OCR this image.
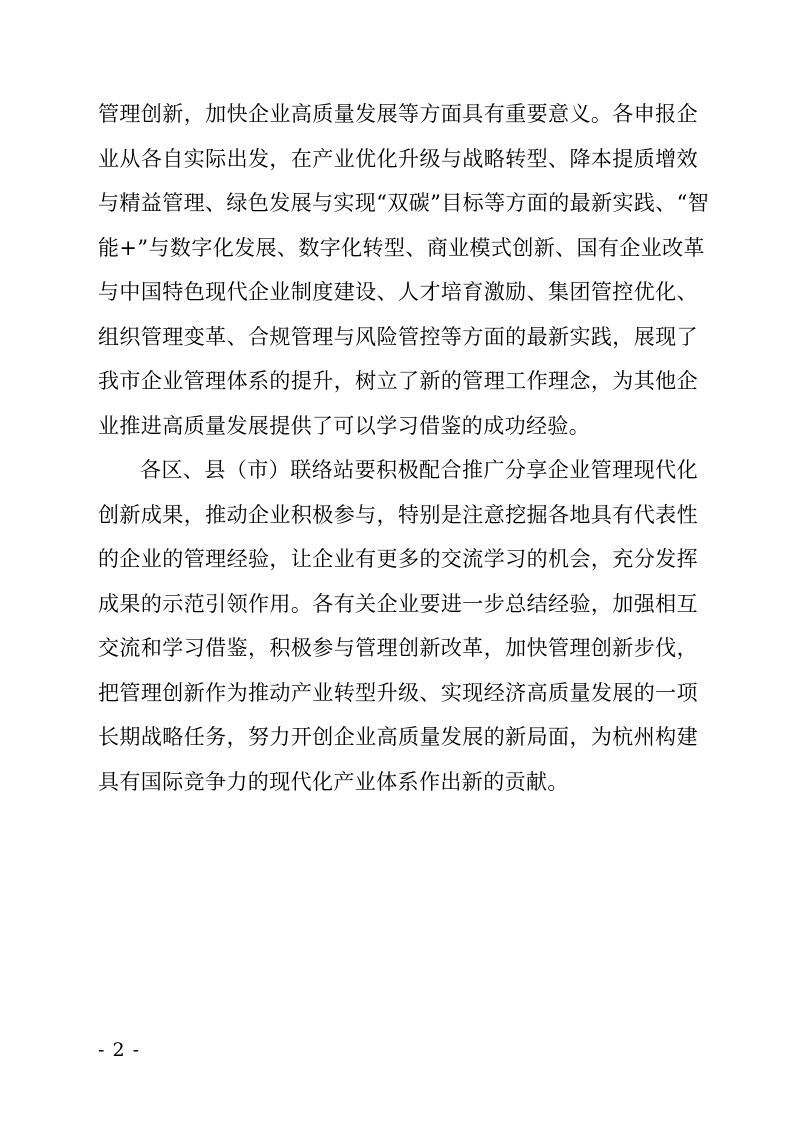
管理创新，加快企业高质量发展等方面具有重要意义。各申报企
业从各自实际出发，在产业优化升级与战略转型、降本提质增效
与精益管理、绿色发展与实现“双碳”目标等方面的最新实践、“智
能+”与数字化发展、数字化转型、商业模式创新、国有企业改革
与中国特色现代企业制度建设、人才培育激励、集团管控优化、
组织管理变革、合规管理与风险管控等方面的最新实践，展现了
我市企业管理体系的提升，树立了新的管理工作理念，为其他企
业推进高质量发展提供了可以学习借鉴的成功经验。
各区、县（市）联络站要积极配合推广分享企业管理现代化
创新成果，推动企业积极参与，特别是注意挖掘各地具有代表性
的企业的管理经验，让企业有更多的交流学习的机会，充分发挥
成果的示范引领作用。各有关企业要进一步总结经验，加强相互
交流和学习借鉴，积极参与管理创新改革，加快管理创新步伐，
把管理创新作为推动产业转型升级、实现经济高质量发展的一项
长期战略任务，努力开创企业高质量发展的新局面，为杭州构建
具有国际竞争力的现代化产业体系作出新的贡献。
- 2 -
